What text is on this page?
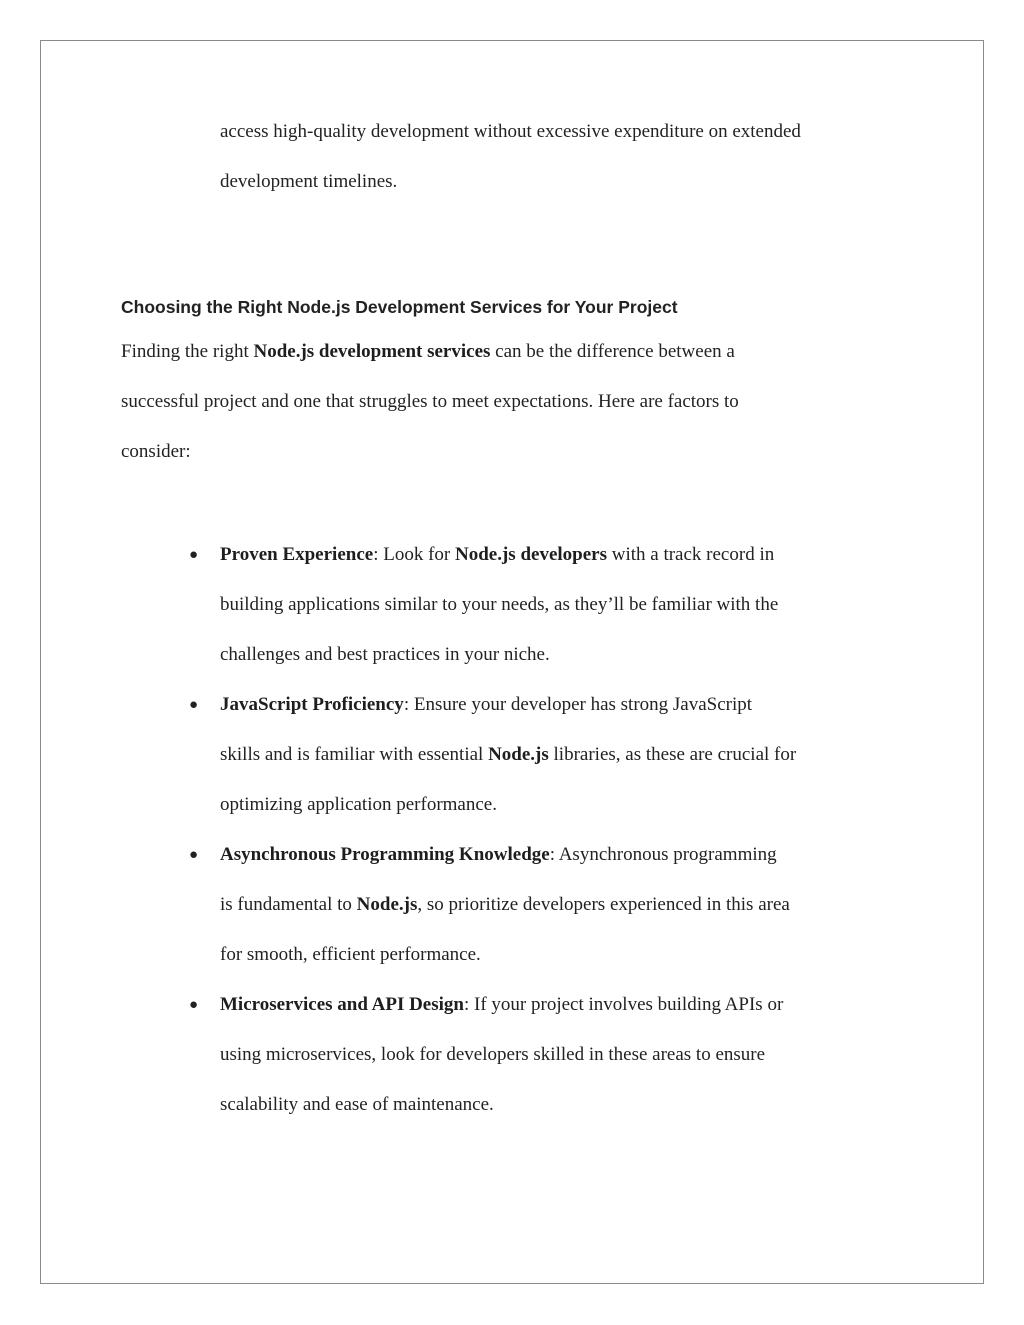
access high-quality development without excessive expenditure on extended
development timelines.
Choosing the Right Node.js Development Services for Your Project
Finding the right Node.js development services can be the difference between a
successful project and one that struggles to meet expectations. Here are factors to
consider:
● Proven Experience: Look for Node.js developers with a track record in
building applications similar to your needs, as they’ll be familiar with the
challenges and best practices in your niche.
● JavaScript Proficiency: Ensure your developer has strong JavaScript
skills and is familiar with essential Node.js libraries, as these are crucial for
optimizing application performance.
● Asynchronous Programming Knowledge: Asynchronous programming
is fundamental to Node.js, so prioritize developers experienced in this area
for smooth, efficient performance.
● Microservices and API Design: If your project involves building APIs or
using microservices, look for developers skilled in these areas to ensure
scalability and ease of maintenance.
